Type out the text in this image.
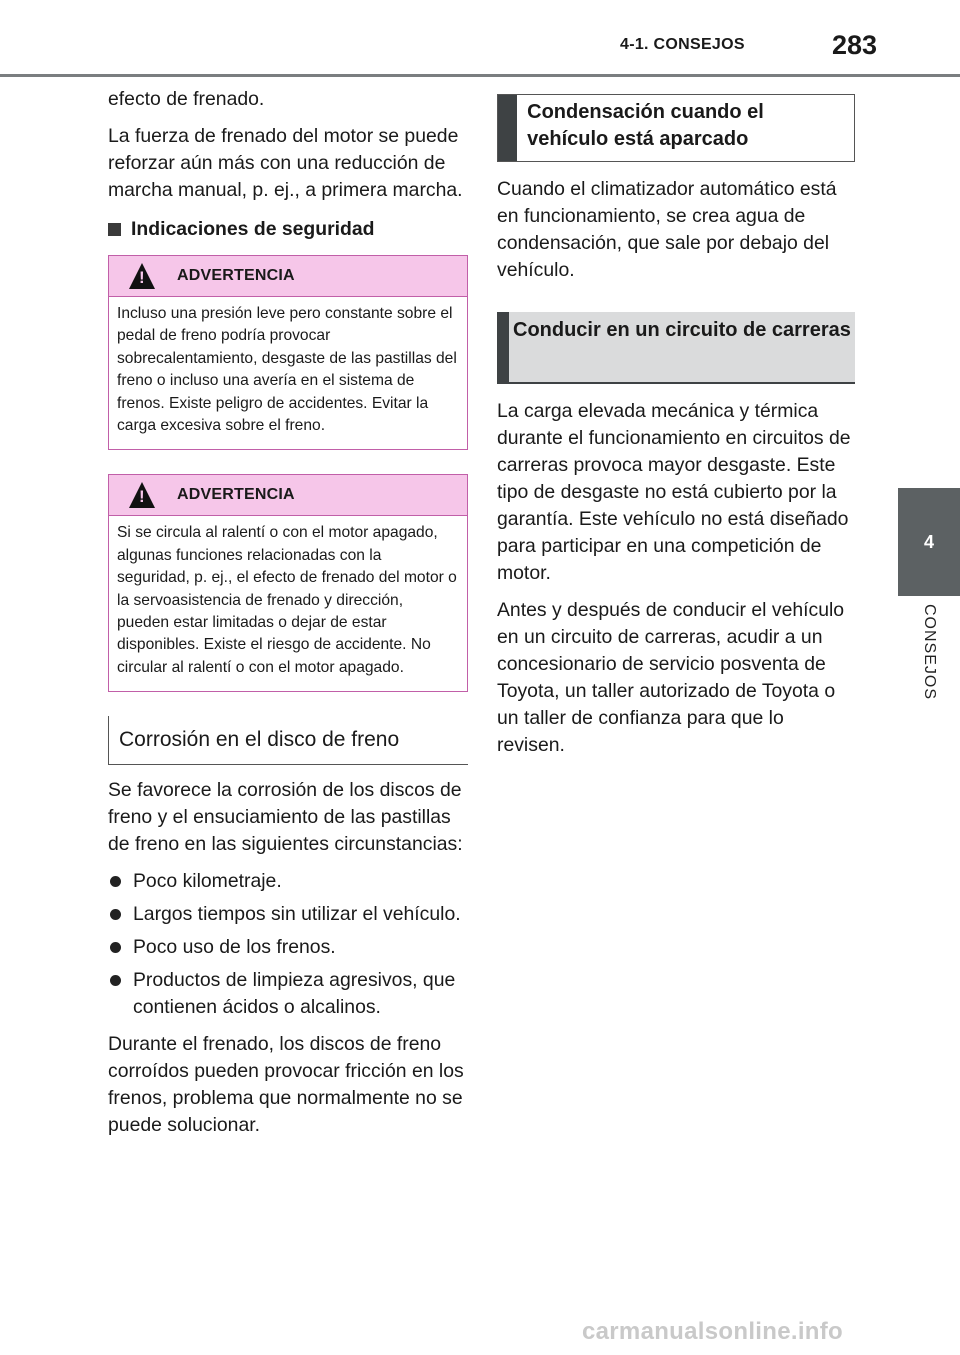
4-1. CONSEJOS	283
4
CONSEJOS

efecto de frenado.

La fuerza de frenado del motor se puede reforzar aún más con una reducción de marcha manual, p. ej., a primera marcha.

Indicaciones de seguridad
!
ADVERTENCIA
Incluso una presión leve pero constante sobre el pedal de freno podría provocar sobrecalentamiento, desgaste de las pastillas del freno o incluso una avería en el sistema de frenos. Existe peligro de accidentes. Evitar la carga excesiva sobre el freno.
!
ADVERTENCIA
Si se circula al ralentí o con el motor apagado, algunas funciones relacionadas con la seguridad, p. ej., el efecto de frenado del motor o la servoasistencia de frenado y dirección, pueden estar limitadas o dejar de estar disponibles. Existe el riesgo de accidente. No circular al ralentí o con el motor apagado.
Corrosión en el disco de freno

Se favorece la corrosión de los discos de freno y el ensuciamiento de las pastillas de freno en las siguientes circunstancias:

Poco kilometraje.
Largos tiempos sin utilizar el vehículo.
Poco uso de los frenos.
Productos de limpieza agresivos, que contienen ácidos o alcalinos.

Durante el frenado, los discos de freno corroídos pueden provocar fricción en los frenos, problema que normalmente no se puede solucionar.

Condensación cuando el vehículo está aparcado

Cuando el climatizador automático está en funcionamiento, se crea agua de condensación, que sale por debajo del vehículo.

Conducir en un circuito de carreras

La carga elevada mecánica y térmica durante el funcionamiento en circuitos de carreras provoca mayor desgaste. Este tipo de desgaste no está cubierto por la garantía. Este vehículo no está diseñado para participar en una competición de motor.

Antes y después de conducir el vehículo en un circuito de carreras, acudir a un concesionario de servicio posventa de Toyota, un taller autorizado de Toyota o un taller de confianza para que lo revisen.

carmanualsonline.info
